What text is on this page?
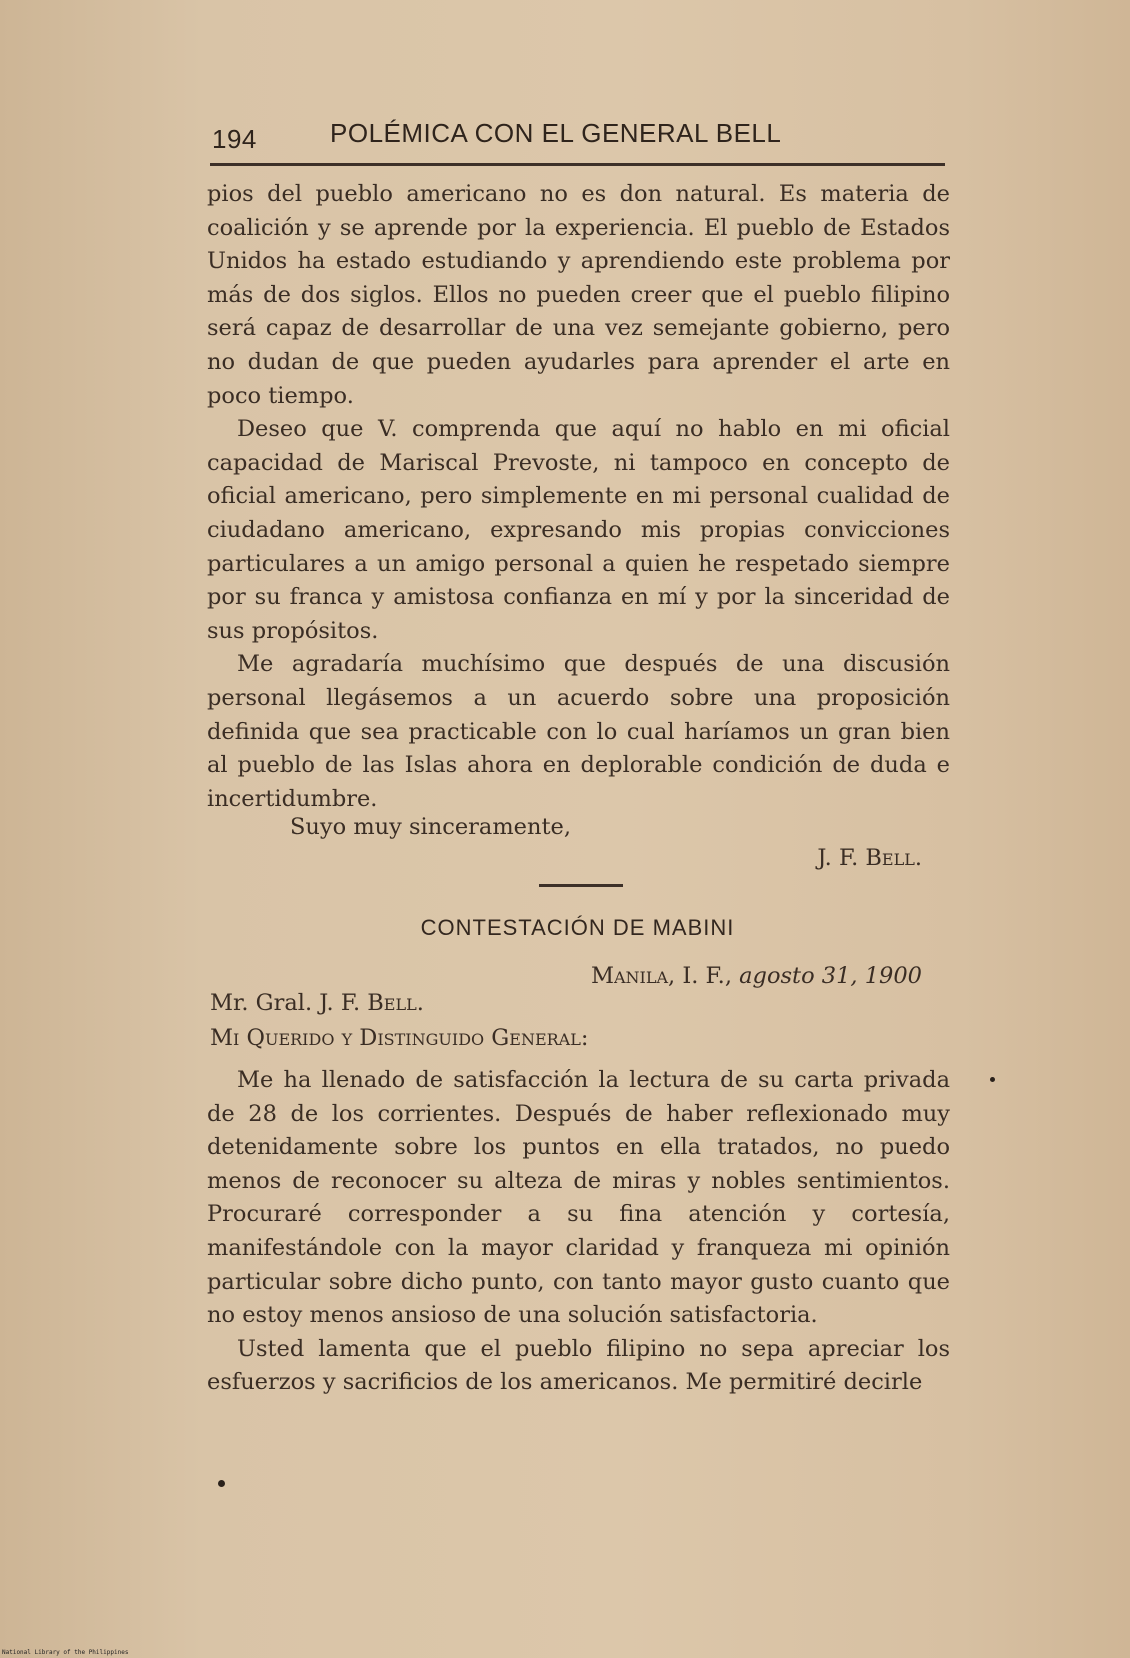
194	POLÉMICA CON EL GENERAL BELL

pios del pueblo americano no es don natural. Es materia de coalición y se aprende por la experiencia. El pueblo de Estados Unidos ha estado estudiando y aprendiendo este problema por más de dos siglos. Ellos no pueden creer que el pueblo filipino será capaz de desarrollar de una vez semejante gobierno, pero no dudan de que pueden ayudarles para aprender el arte en poco tiempo.

Deseo que V. comprenda que aquí no hablo en mi oficial capacidad de Mariscal Prevoste, ni tampoco en concepto de oficial americano, pero simplemente en mi personal cualidad de ciudadano americano, expresando mis propias convicciones particulares a un amigo personal a quien he respetado siempre por su franca y amistosa confianza en mí y por la sinceridad de sus propósitos.

Me agradaría muchísimo que después de una discusión personal llegásemos a un acuerdo sobre una proposición definida que sea practicable con lo cual haríamos un gran bien al pueblo de las Islas ahora en deplorable condición de duda e incertidumbre.

Suyo muy sinceramente,
J. F. Bell.
CONTESTACIÓN DE MABINI
Manila, I. F., agosto 31, 1900
Mr. Gral. J. F. Bell.
Mi Querido y Distinguido General:

Me ha llenado de satisfacción la lectura de su carta privada de 28 de los corrientes. Después de haber reflexionado muy detenidamente sobre los puntos en ella tratados, no puedo menos de reconocer su alteza de miras y nobles sentimientos. Procuraré corresponder a su fina atención y cortesía, manifestándole con la mayor claridad y franqueza mi opinión particular sobre dicho punto, con tanto mayor gusto cuanto que no estoy menos ansioso de una solución satisfactoria.

Usted lamenta que el pueblo filipino no sepa apreciar los esfuerzos y sacrificios de los americanos. Me permitiré decirle

National Library of the Philippines
